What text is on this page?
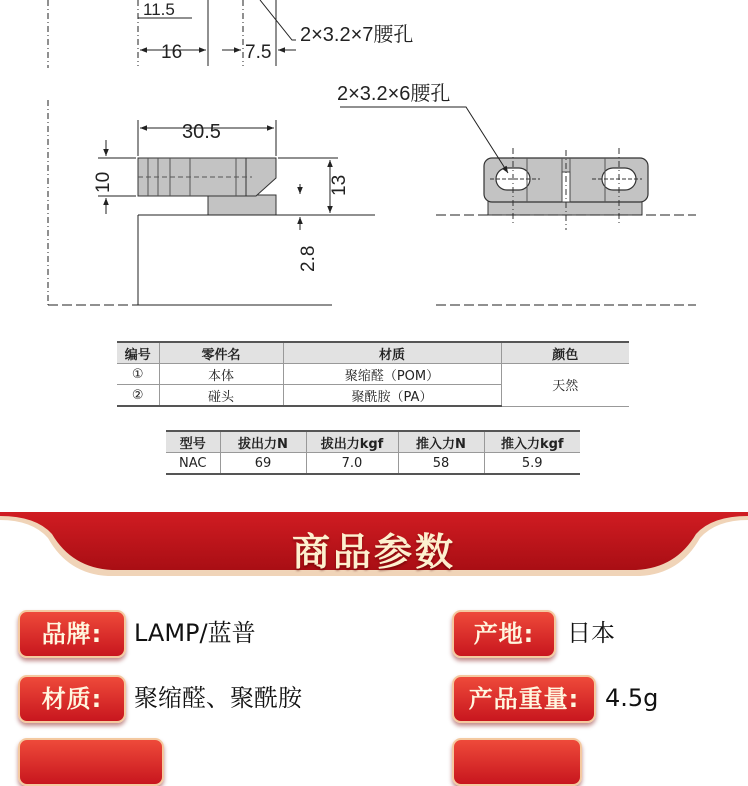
11.5
16	7.5
2×3.2×7腰孔
30.5
10	13
2.8
2×3.2×6腰孔
编号	零件名	材质	颜色
①	本体	聚缩醛（POM）	天然
②	碰头	聚酰胺（PA）	
型号	拔出力N	拔出力kgf	推入力N	推入力kgf
NAC	69	7.0	58	5.9
商品参数
品牌:	LAMP/蓝普	产地:	日本
材质:	聚缩醛、聚酰胺	产品重量:	4.5g
